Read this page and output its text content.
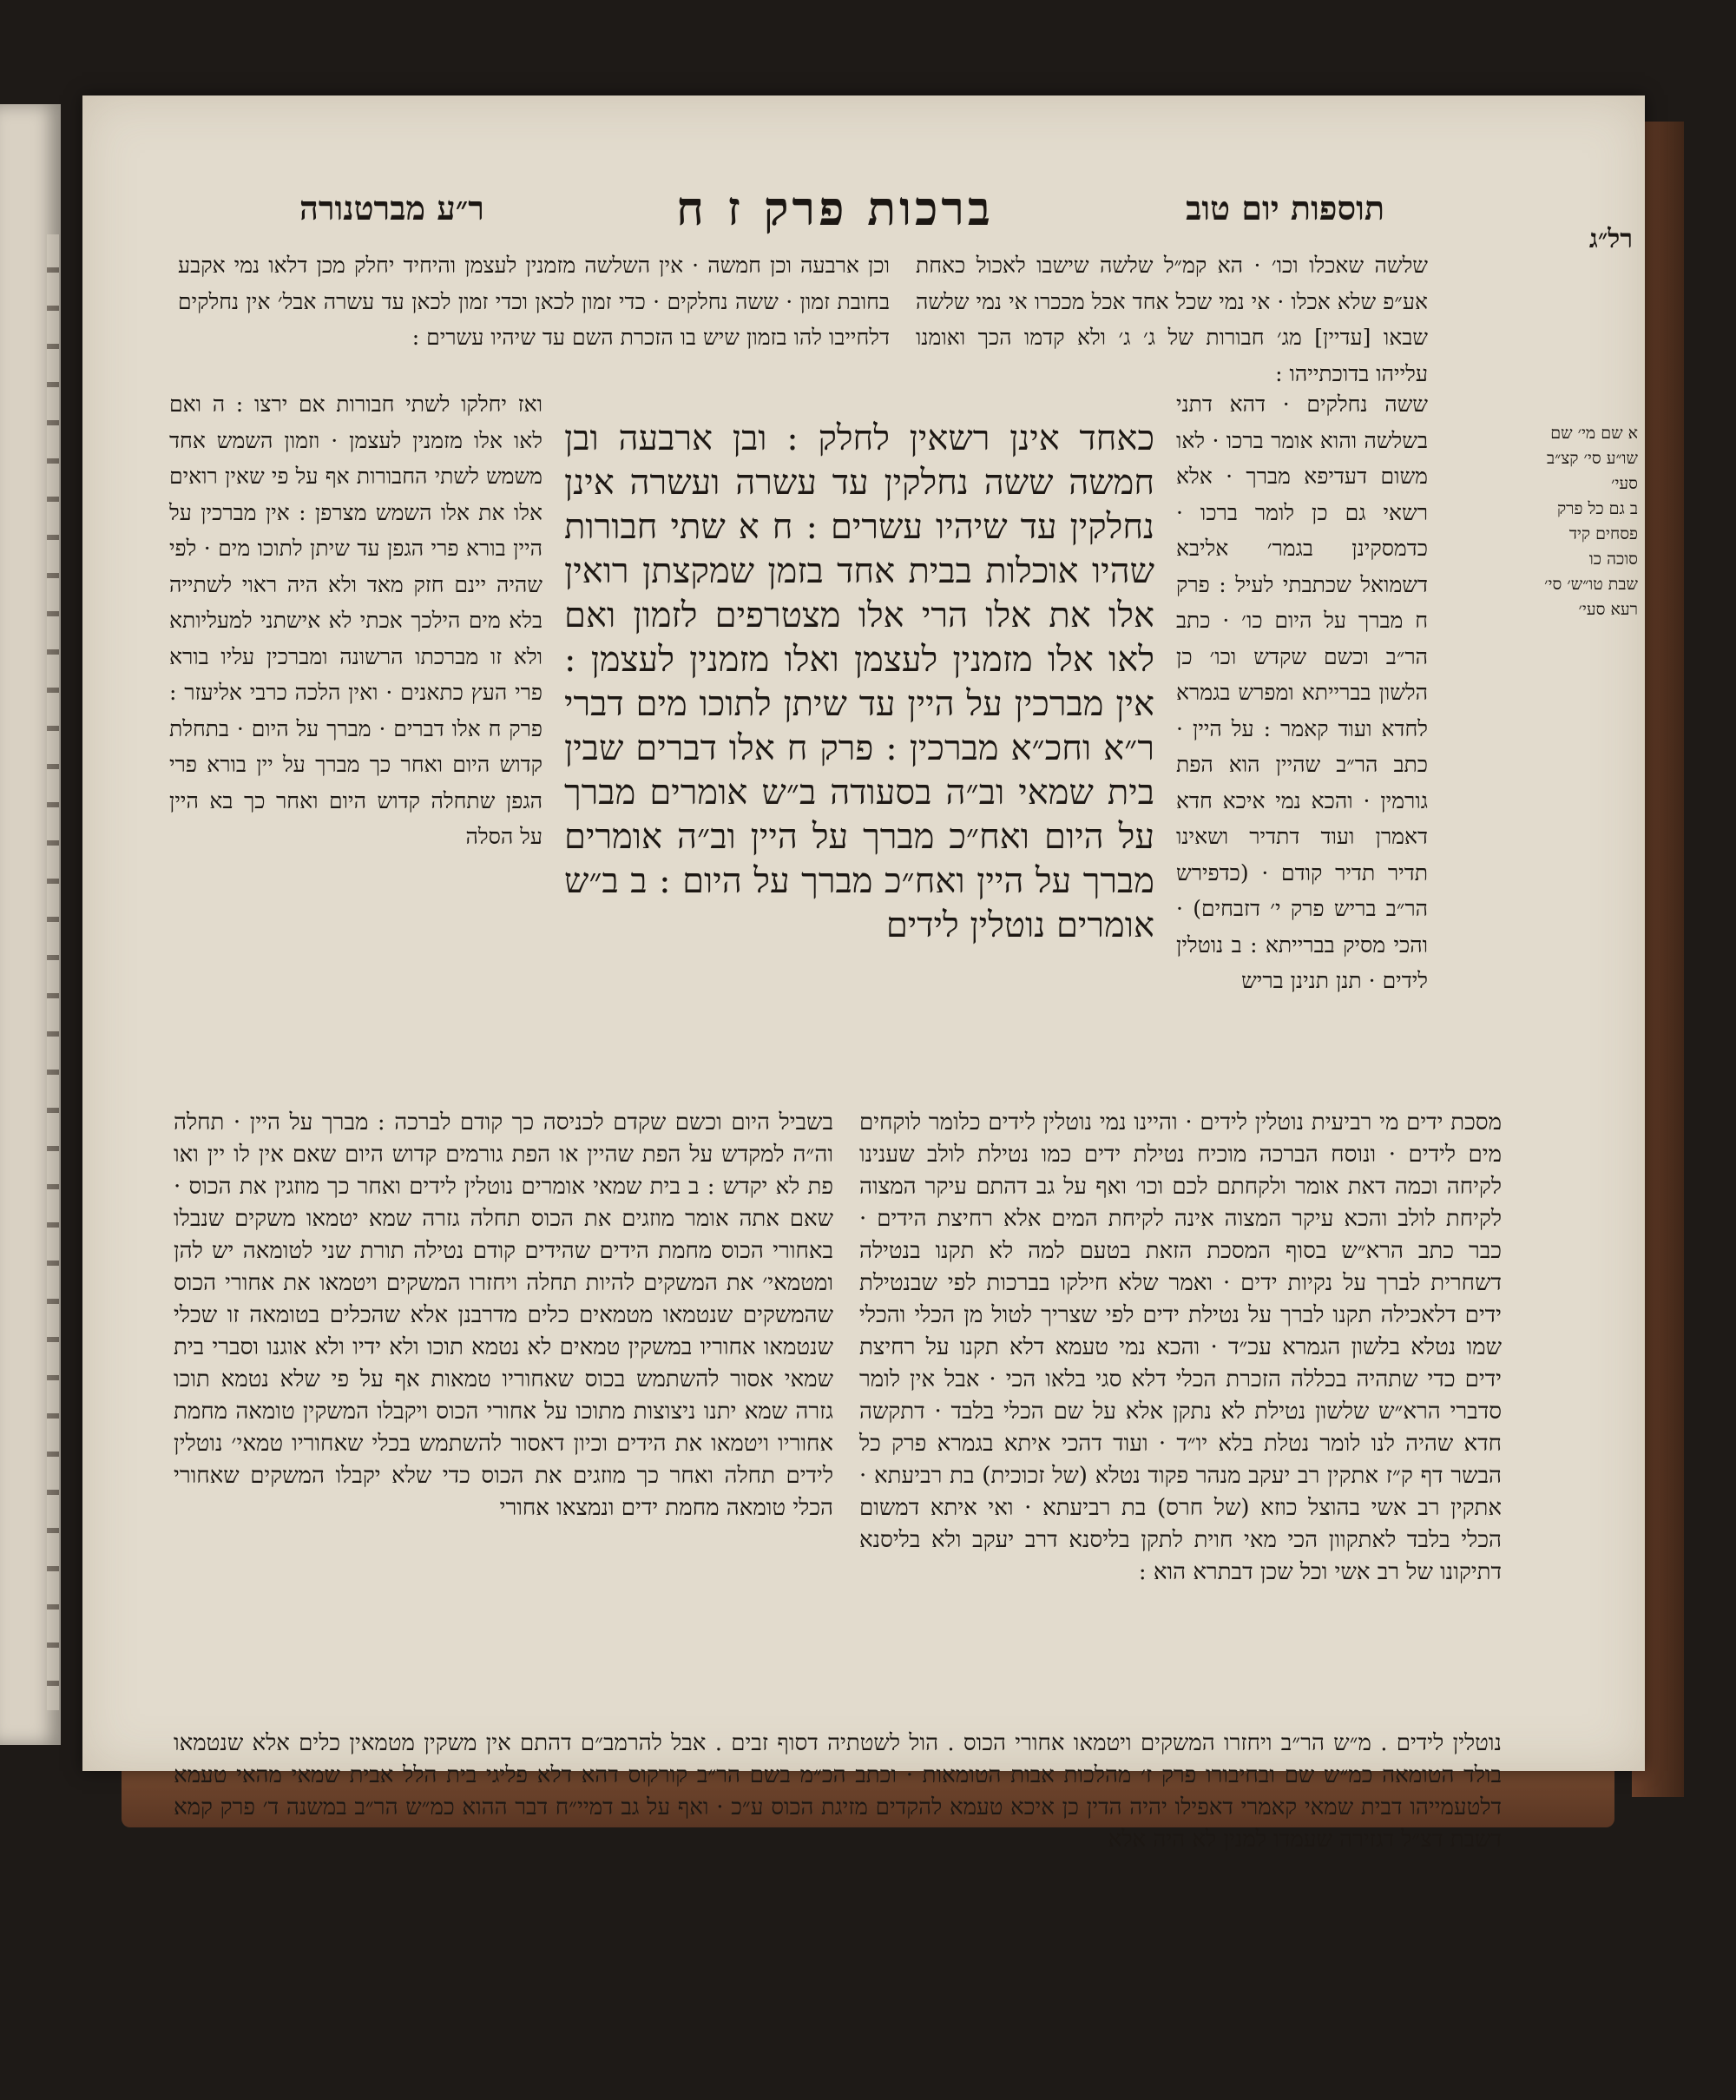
תוספות יום טוב
ברכות פרק ז ח
ר״ע מברטנורה
רל״ג
שלשה שאכלו וכו׳ · הא קמ״ל שלשה שישבו לאכול כאחת אע״פ שלא אכלו · אי נמי שכל אחד אכל מככרו אי נמי שלשה שבאו [עדיין] מג׳ חבורות של ג׳ ג׳ ולא קדמו הכך ואומנו עלייהו בדוכתייהו :
וכן ארבעה וכן חמשה · אין השלשה מזמנין לעצמן והיחיד יחלק מכן דלאו נמי אקבע בחובת זמון · ששה נחלקים · כדי זמון לכאן וכדי זמון לכאן עד עשרה אבל׳ אין נחלקים דלחייבו להו בזמון שיש בו הזכרת השם עד שיהיו עשרים :
א שם מי׳ שם
שו״ע סי׳ קצ״ב
סעי׳
ב גם כל פרק
פסחים קיד
סוכה כו
שבת טו״ש׳ סי׳
רעא סעי׳
ששה נחלקים · דהא דתני בשלשה והוא אומר ברכו · לאו משום דעדיפא מברך · אלא רשאי גם כן לומר ברכו · כדמסקינן בגמר׳ אליבא דשמואל שכתבתי לעיל : פרק ח מברך על היום כו׳ · כתב הר״ב וכשם שקדש וכו׳ כן הלשון בברייתא ומפרש בגמרא לחדא ועוד קאמר : על היין · כתב הר״ב שהיין הוא הפת גורמין · והכא נמי איכא חדא דאמרן ועוד דתדיר ושאינו תדיר תדיר קודם · (כדפירש הר״ב בריש פרק י׳ דזבחים) · והכי מסיק בברייתא : ב נוטלין לידים · תנן תנינן בריש
כאחד אינן רשאין לחלק : ובן ארבעה ובן חמשה ששה נחלקין עד עשרה ועשרה אינן נחלקין עד שיהיו עשרים : ח א שתי חבורות שהיו אוכלות בבית אחד בזמן שמקצתן רואין אלו את אלו הרי אלו מצטרפים לזמון ואם לאו אלו מזמנין לעצמן ואלו מזמנין לעצמן : אין מברכין על היין עד שיתן לתוכו מים דברי ר״א וחכ״א מברכין : פרק ח אלו דברים שבין בית שמאי וב״ה בסעודה ב״ש אומרים מברך על היום ואח״כ מברך על היין וב״ה אומרים מברך על היין ואח״כ מברך על היום : ב ב״ש אומרים נוטלין לידים
ואז יחלקו לשתי חבורות אם ירצו : ה ואם לאו אלו מזמנין לעצמן · וזמון השמש אחד משמש לשתי החבורות אף על פי שאין רואים אלו את אלו השמש מצרפן : אין מברכין על היין בורא פרי הגפן עד שיתן לתוכו מים · לפי שהיה יינם חזק מאד ולא היה ראוי לשתייה בלא מים הילכך אכתי לא אישתני למעליותא ולא זו מברכתו הרשונה ומברכין עליו בורא פרי העץ כתאנים · ואין הלכה כרבי אליעזר : פרק ח אלו דברים · מברך על היום · בתחלת קדוש היום ואחר כך מברך על יין בורא פרי הגפן שתחלה קדוש היום ואחר כך בא היין על הסלה
מסכת ידים מי רביעית נוטלין לידים · והיינו נמי נוטלין לידים כלומר לוקחים מים לידים · ונוסח הברכה מוכיח נטילת ידים כמו נטילת לולב שענינו לקיחה וכמה דאת אומר ולקחתם לכם וכו׳ ואף על גב דהתם עיקר המצוה לקיחת לולב והכא עיקר המצוה אינה לקיחת המים אלא רחיצת הידים · כבר כתב הרא״ש בסוף המסכת הזאת בטעם למה לא תקנו בנטילה דשחרית לברך על נקיות ידים · ואמר שלא חילקו בברכות לפי שבנטילת ידים דלאכילה תקנו לברך על נטילת ידים לפי שצריך לטול מן הכלי והכלי שמו נטלא בלשון הגמרא עכ״ד · והכא נמי טעמא דלא תקנו על רחיצת ידים כדי שתהיה בכללה הזכרת הכלי דלא סגי בלאו הכי · אבל אין לומר סדברי הרא״ש שלשון נטילת לא נתקן אלא על שם הכלי בלבד · דתקשה חדא שהיה לנו לומר נטלת בלא יו״ד · ועוד דהכי איתא בגמרא פרק כל הבשר דף ק״ז אתקין רב יעקב מנהר פקוד נטלא (של זכוכית) בת רביעתא · אתקין רב אשי בהוצל כוזא (של חרס) בת רביעתא · ואי איתא דמשום הכלי בלבד לאתקוון הכי מאי חוית לתקן בליסנא דרב יעקב ולא בליסנא דתיקונו של רב אשי וכל שכן דבתרא הוא :
בשביל היום וכשם שקדם לכניסה כך קודם לברכה : מברך על היין · תחלה וה״ה למקדש על הפת שהיין או הפת גורמים קדוש היום שאם אין לו יין ואו פת לא יקדש : ב בית שמאי אומרים נוטלין לידים ואחר כך מוזגין את הכוס · שאם אתה אומר מוזגים את הכוס תחלה גזרה שמא יטמאו משקים שנבלו באחורי הכוס מחמת הידים שהידים קודם נטילה תורת שני לטומאה יש להן ומטמאי׳ את המשקים להיות תחלה ויחזרו המשקים ויטמאו את אחורי הכוס שהמשקים שנטמאו מטמאים כלים מדרבנן אלא שהכלים בטומאה זו שכלי שנטמאו אחוריו במשקין טמאים לא נטמא תוכו ולא ידיו ולא אוגנו וסברי בית שמאי אסור להשתמש בכוס שאחוריו טמאות אף על פי שלא נטמא תוכו גזרה שמא יתנו ניצוצות מתוכו על אחורי הכוס ויקבלו המשקין טומאה מחמת אחוריו ויטמאו את הידים וכיון דאסור להשתמש בכלי שאחוריו טמאי׳ נוטלין לידים תחלה ואחר כך מוזגים את הכוס כדי שלא יקבלו המשקים שאחורי הכלי טומאה מחמת ידים ונמצאו אחורי
נוטלין לידים . מ״ש הר״ב ויחזרו המשקים ויטמאו אחורי הכוס . הול לשטתיה דסוף זבים . אבל להרמב״ם דהתם אין משקין מטמאין כלים אלא שנטמאו בולד הטומאה כמ״ש שם ובחיבורו פרק ז׳ מהלכות אבות הטומאות · וכתב הכ״מ בשם הר״ב קורקוס דהא דלא פליגי בית הלל אבית שמאי מהאי טעמא דלטעמייהו דבית שמאי קאמרי דאפילו יהיה הדין כן איכא טעמא להקדים מזיגת הכוס ע״כ · ואף על גב דמיי״ח דבר ההוא כמ״ש הר״ב במשנה ד׳ פרק קמא דשבת דצ״ל דגזירה שעמדו למנין לא היה אלא
